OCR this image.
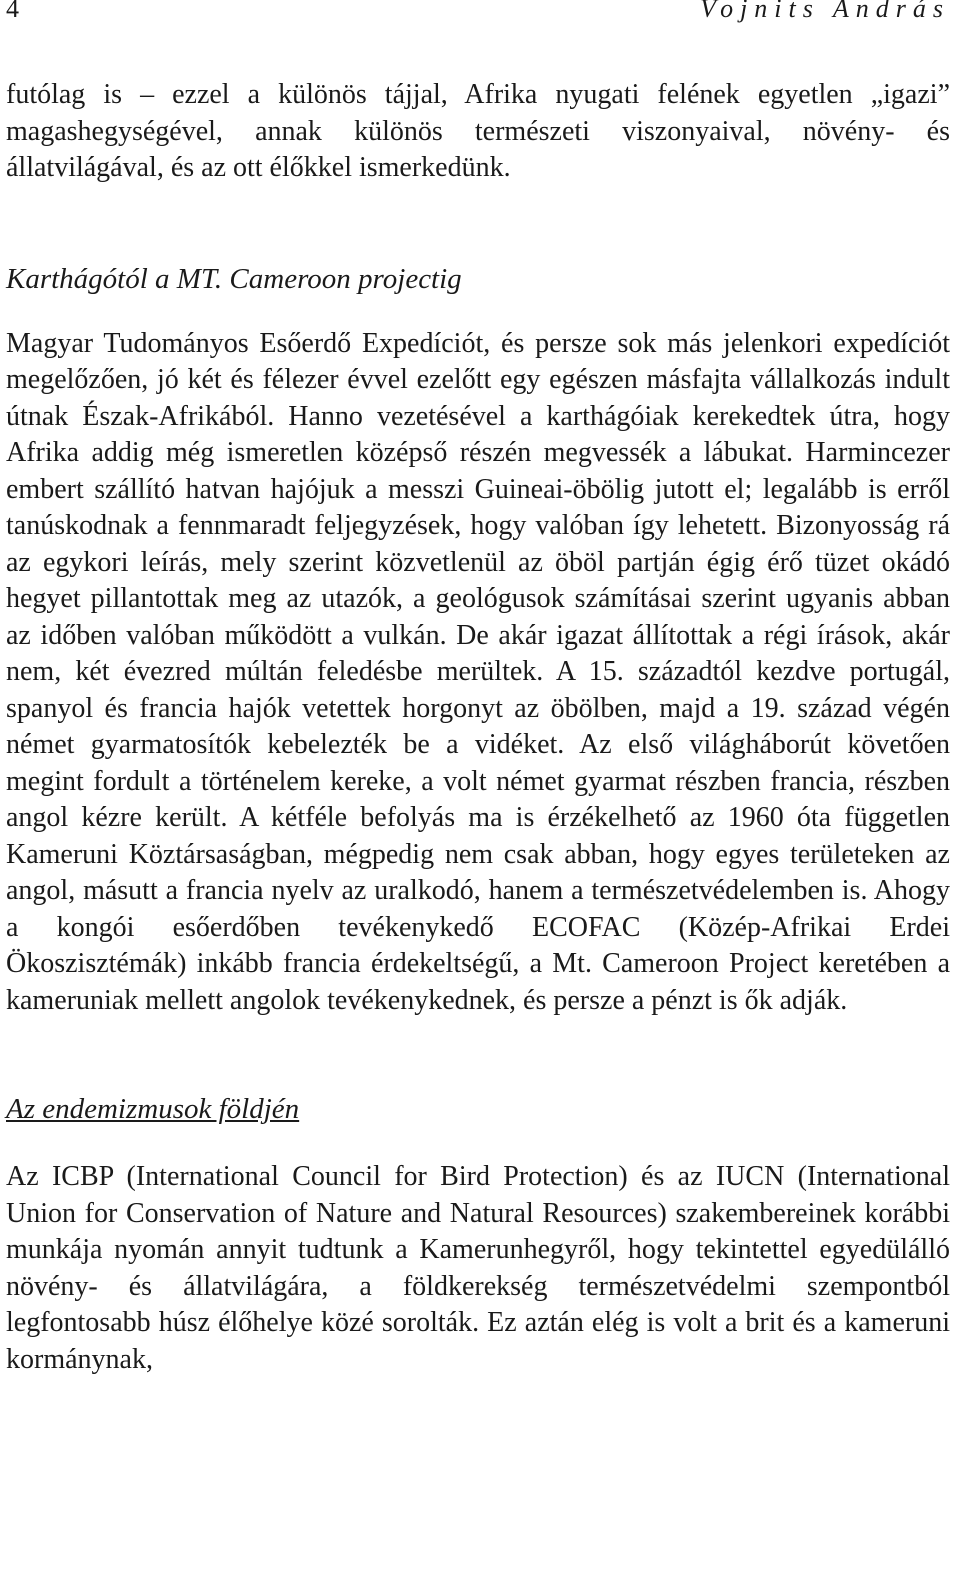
4	Vojnits András

futólag is – ezzel a különös tájjal, Afrika nyugati felének egyetlen „igazi” magashegységével, annak különös természeti viszonyaival, növény- és állatvilágával, és az ott élőkkel ismerkedünk.

Karthágótól a MT. Cameroon projectig

Magyar Tudományos Esőerdő Expedíciót, és persze sok más jelenkori expedíciót megelőzően, jó két és félezer évvel ezelőtt egy egészen másfajta vállalkozás indult útnak Észak-Afrikából. Hanno vezetésével a karthágóiak kerekedtek útra, hogy Afrika addig még ismeretlen középső részén megvessék a lábukat. Harmincezer embert szállító hatvan hajójuk a messzi Guineai-öbölig jutott el; legalább is erről tanúskodnak a fennmaradt feljegyzések, hogy valóban így lehetett. Bizonyosság rá az egykori leírás, mely szerint közvetlenül az öböl partján égig érő tüzet okádó hegyet pillantottak meg az utazók, a geológusok számításai szerint ugyanis abban az időben valóban működött a vulkán. De akár igazat állítottak a régi írások, akár nem, két évezred múltán feledésbe merültek. A 15. századtól kezdve portugál, spanyol és francia hajók vetettek horgonyt az öbölben, majd a 19. század végén német gyarmatosítók kebelezték be a vidéket. Az első világháborút követően megint fordult a történelem kereke, a volt német gyarmat részben francia, részben angol kézre került. A kétféle befolyás ma is érzékelhető az 1960 óta független Kameruni Köztársaságban, mégpedig nem csak abban, hogy egyes területeken az angol, másutt a francia nyelv az uralkodó, hanem a természetvédelemben is. Ahogy a kongói esőerdőben tevékenykedő ECOFAC (Közép-Afrikai Erdei Ökoszisztémák) inkább francia érdekeltségű, a Mt. Cameroon Project keretében a kameruniak mellett angolok tevékenykednek, és persze a pénzt is ők adják.

Az endemizmusok földjén

Az ICBP (International Council for Bird Protection) és az IUCN (International Union for Conservation of Nature and Natural Resources) szakembereinek korábbi munkája nyomán annyit tudtunk a Kamerunhegyről, hogy tekintettel egyedülálló növény- és állatvilágára, a földkerekség természetvédelmi szempontból legfontosabb húsz élőhelye közé sorolták. Ez aztán elég is volt a brit és a kameruni kormánynak,
